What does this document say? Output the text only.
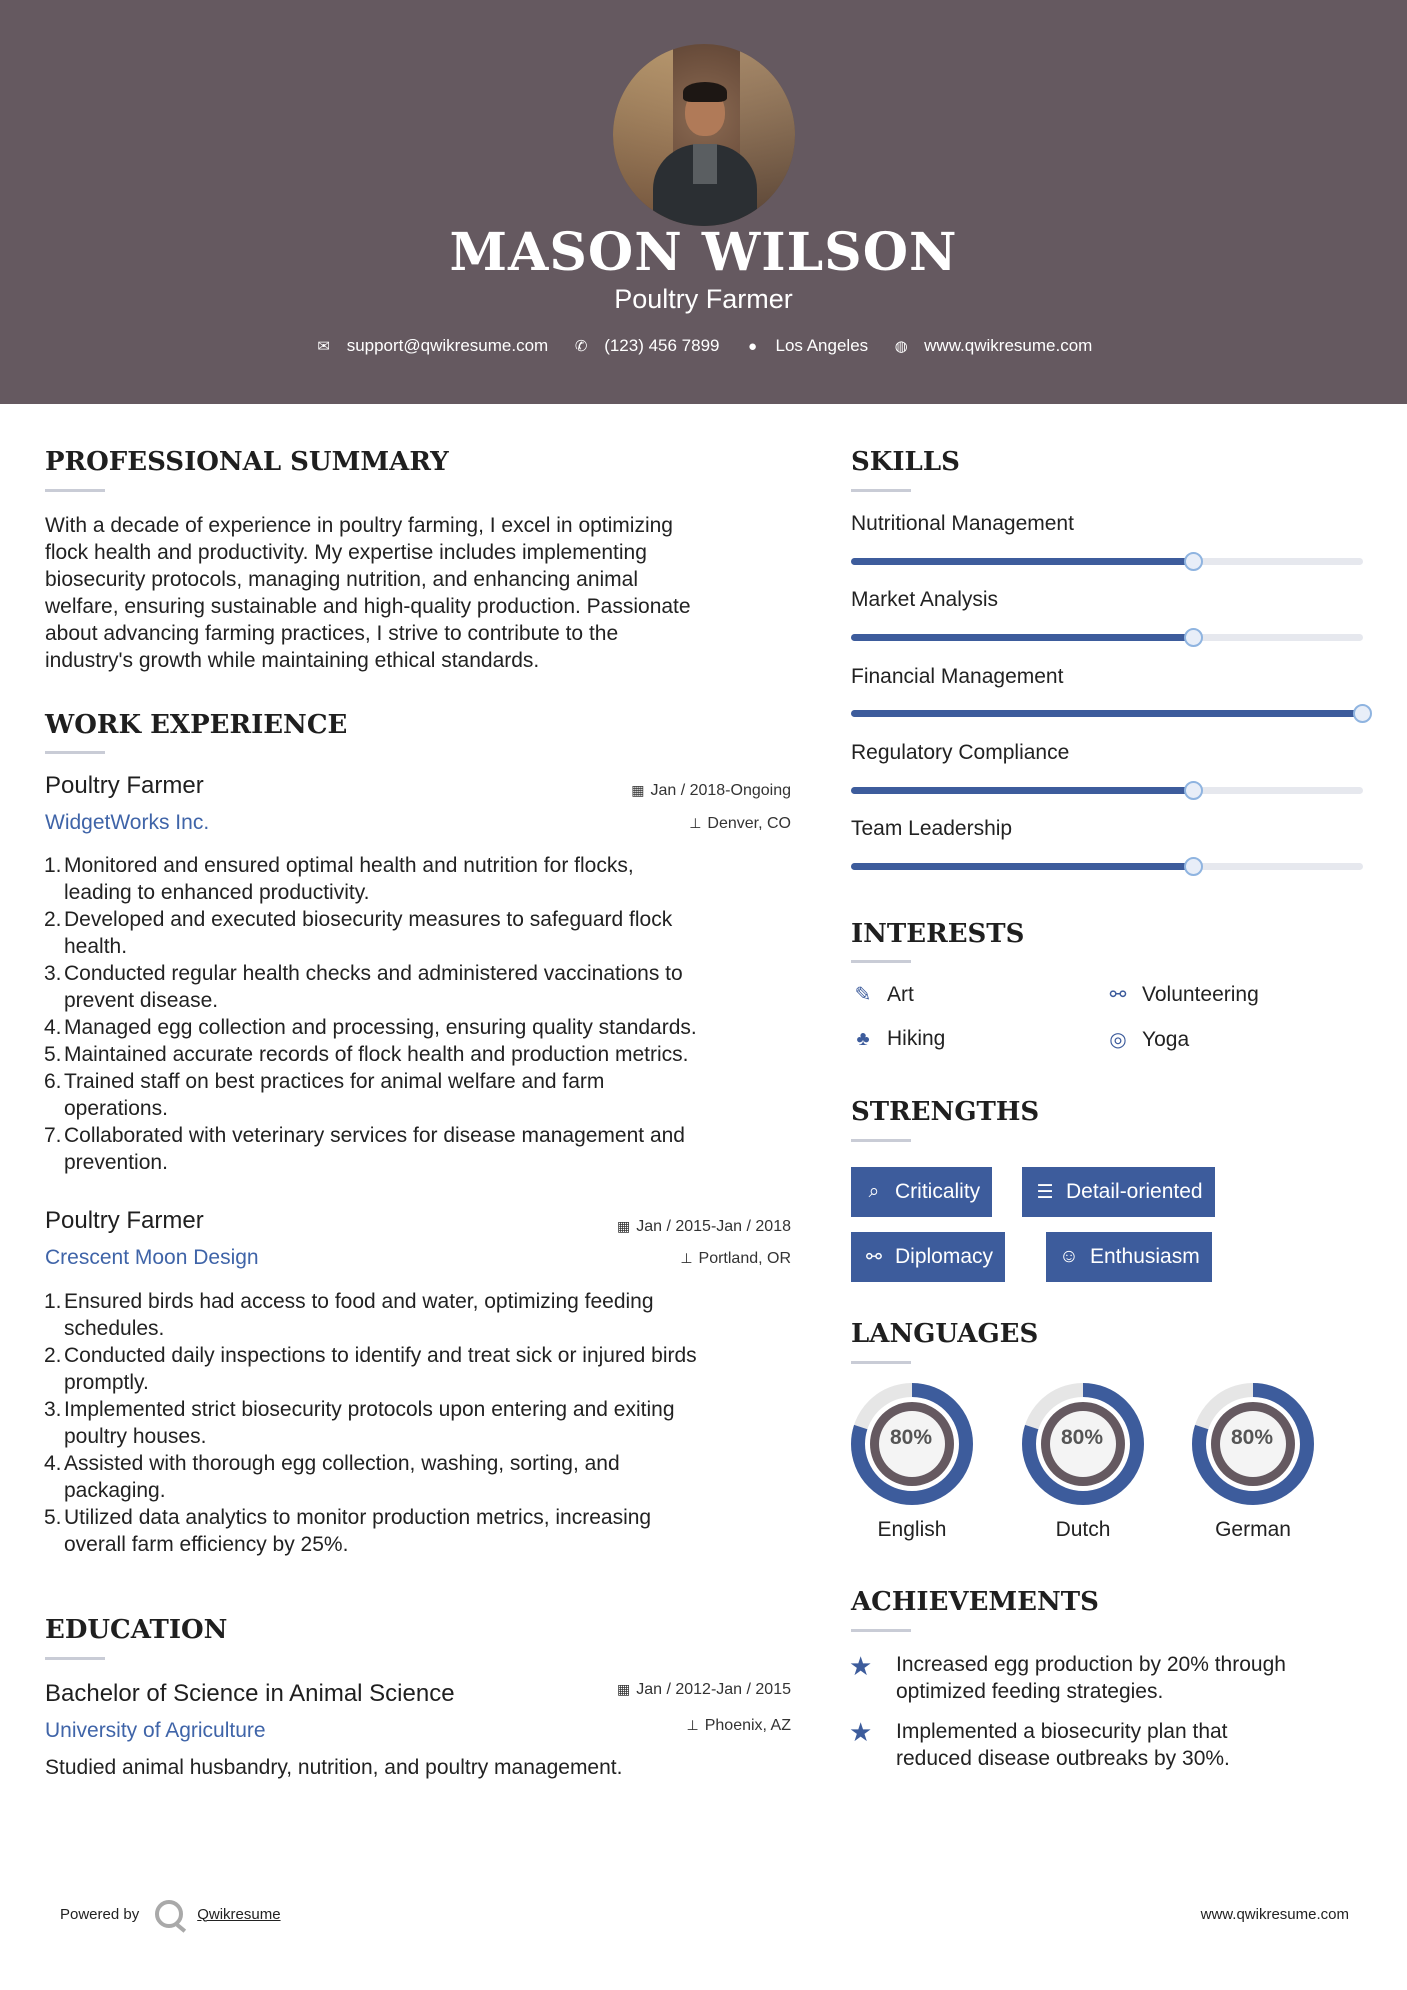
MASON WILSON
Poultry Farmer
✉ support@qwikresume.com ✆ (123) 456 7899 ● Los Angeles ◍ www.qwikresume.com
PROFESSIONAL SUMMARY
With a decade of experience in poultry farming, I excel in optimizing
flock health and productivity. My expertise includes implementing
biosecurity protocols, managing nutrition, and enhancing animal
welfare, ensuring sustainable and high-quality production. Passionate
about advancing farming practices, I strive to contribute to the
industry's growth while maintaining ethical standards.
WORK EXPERIENCE
Poultry Farmer
WidgetWorks Inc.
▦ Jan / 2018-Ongoing
⊥ Denver, CO
1. Monitored and ensured optimal health and nutrition for flocks,
leading to enhanced productivity.
2. Developed and executed biosecurity measures to safeguard flock
health.
3. Conducted regular health checks and administered vaccinations to
prevent disease.
4. Managed egg collection and processing, ensuring quality standards.
5. Maintained accurate records of flock health and production metrics.
6. Trained staff on best practices for animal welfare and farm
operations.
7. Collaborated with veterinary services for disease management and
prevention.
Poultry Farmer
Crescent Moon Design
▦ Jan / 2015-Jan / 2018
⊥ Portland, OR
1. Ensured birds had access to food and water, optimizing feeding
schedules.
2. Conducted daily inspections to identify and treat sick or injured birds
promptly.
3. Implemented strict biosecurity protocols upon entering and exiting
poultry houses.
4. Assisted with thorough egg collection, washing, sorting, and
packaging.
5. Utilized data analytics to monitor production metrics, increasing
overall farm efficiency by 25%.
EDUCATION
Bachelor of Science in Animal Science
University of Agriculture
▦ Jan / 2012-Jan / 2015
⊥ Phoenix, AZ
Studied animal husbandry, nutrition, and poultry management.
SKILLS
Nutritional Management
Market Analysis
Financial Management
Regulatory Compliance
Team Leadership
INTERESTS
✎ Art	⚯ Volunteering
♣ Hiking	◎ Yoga
STRENGTHS
⌕ Criticality	☰ Detail-oriented
⚯ Diplomacy	☺ Enthusiasm
LANGUAGES
80%
English
80%
Dutch
80%
German
ACHIEVEMENTS
★	Increased egg production by 20% through
optimized feeding strategies.
★	Implemented a biosecurity plan that
reduced disease outbreaks by 30%.
Powered by	Qwikresume	www.qwikresume.com
